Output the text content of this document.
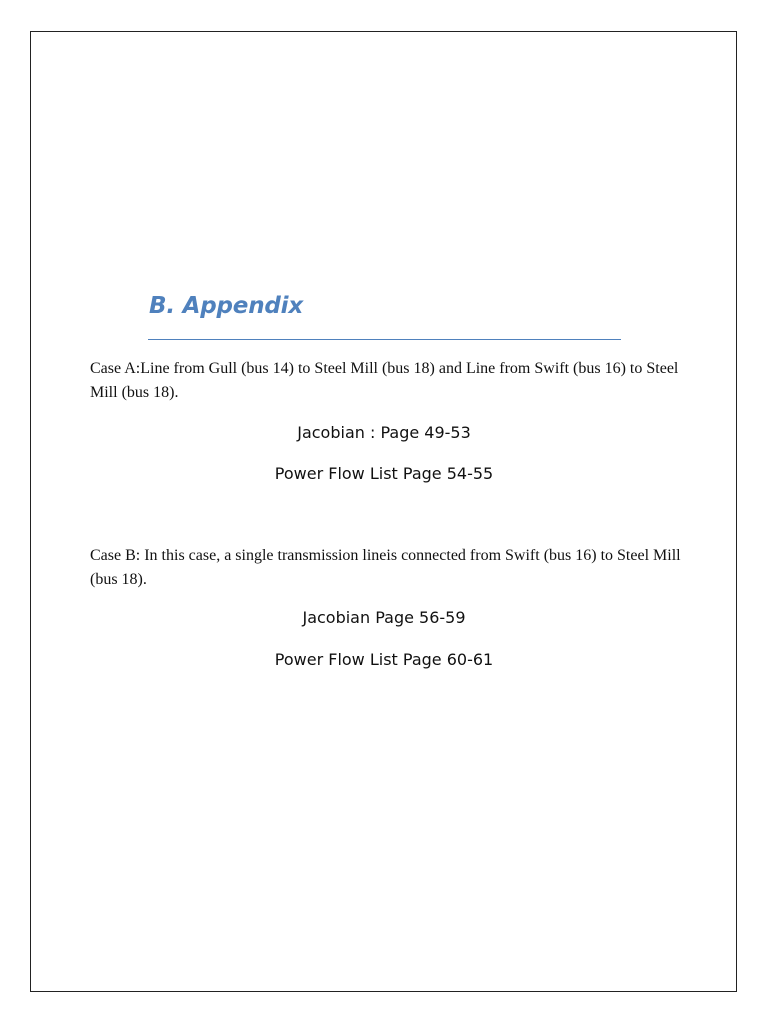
B. Appendix
Case A:Line from Gull (bus 14) to Steel Mill (bus 18) and Line from Swift (bus 16) to Steel Mill (bus 18).
Jacobian : Page 49-53
Power Flow List Page 54-55
Case B: In this case, a single transmission lineis connected from Swift (bus 16) to Steel Mill (bus 18).
Jacobian Page 56-59
Power Flow List Page 60-61
